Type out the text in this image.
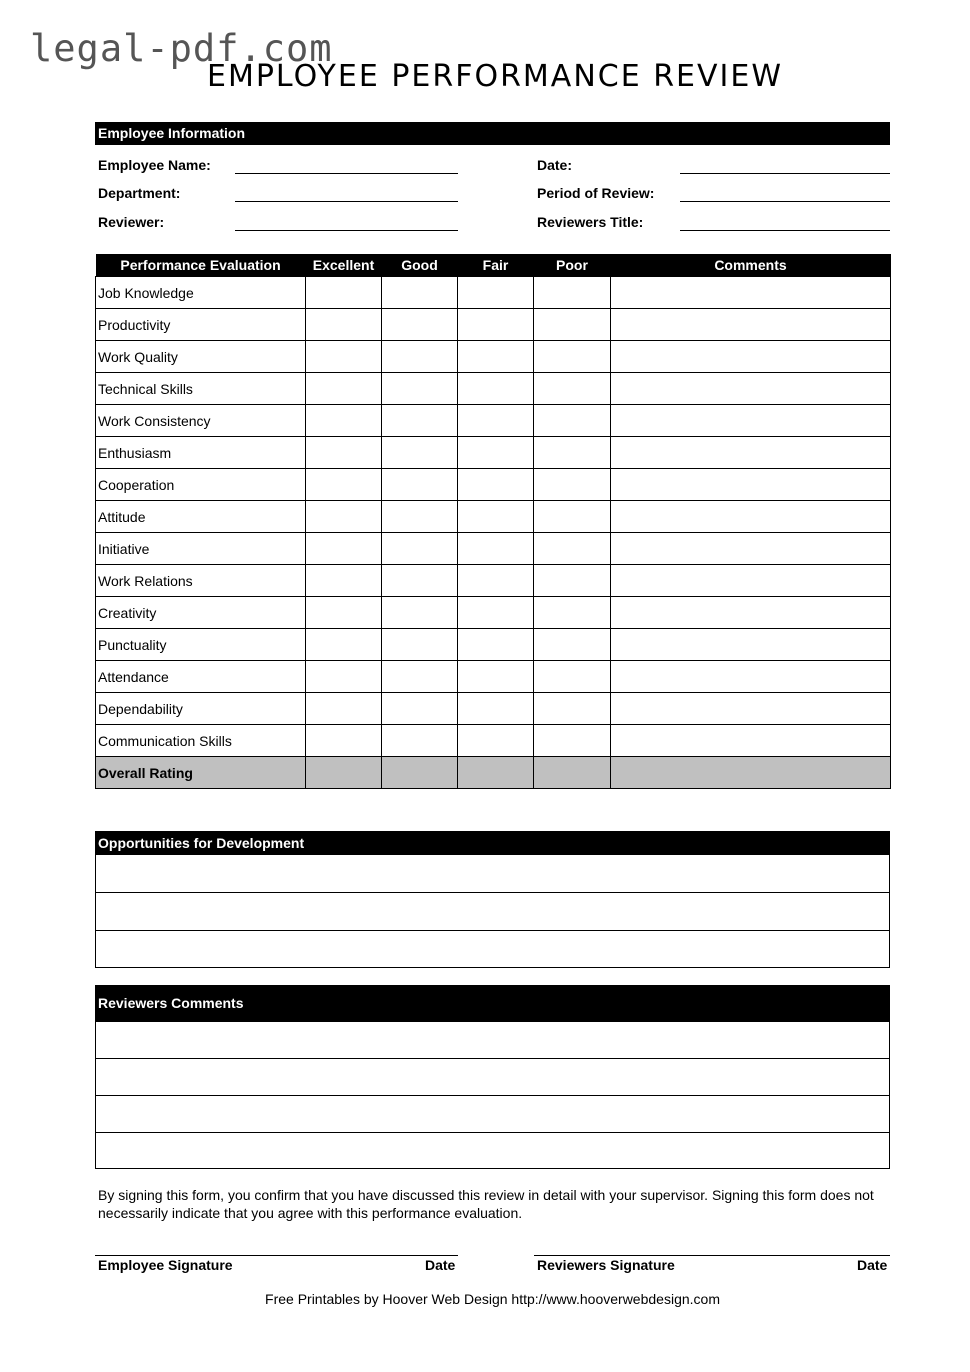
legal-pdf.com
EMPLOYEE PERFORMANCE REVIEW
Employee Information
Employee Name:
Department:
Reviewer:
Date:
Period of Review:
Reviewers Title:
Performance Evaluation	Excellent	Good	Fair	Poor	Comments
Job Knowledge					
Productivity					
Work Quality					
Technical Skills					
Work Consistency					
Enthusiasm					
Cooperation					
Attitude					
Initiative					
Work Relations					
Creativity					
Punctuality					
Attendance					
Dependability					
Communication Skills					
Overall Rating					
Opportunities for Development
Reviewers Comments
By signing this form, you confirm that you have discussed this review in detail with your supervisor. Signing this form does not necessarily indicate that you agree with this performance evaluation.
Employee Signature	Date	Reviewers Signature	Date
Free Printables by Hoover Web Design http://www.hooverwebdesign.com
